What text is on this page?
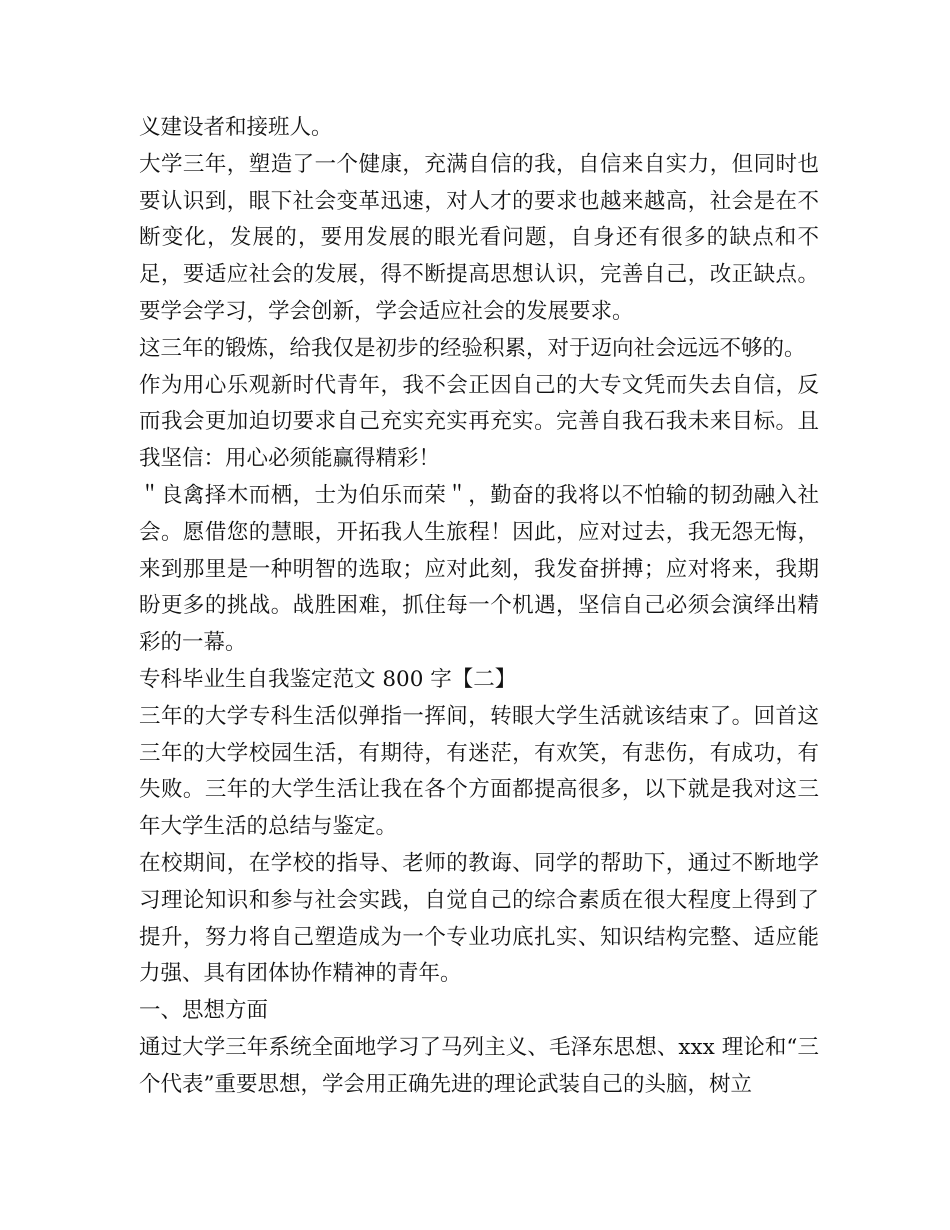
义建设者和接班人。

大学三年，塑造了一个健康，充满自信的我，自信来自实力，但同时也要认识到，眼下社会变革迅速，对人才的要求也越来越高，社会是在不断变化，发展的，要用发展的眼光看问题，自身还有很多的缺点和不足，要适应社会的发展，得不断提高思想认识，完善自己，改正缺点。要学会学习，学会创新，学会适应社会的发展要求。

这三年的锻炼，给我仅是初步的经验积累，对于迈向社会远远不够的。

作为用心乐观新时代青年，我不会正因自己的大专文凭而失去自信，反而我会更加迫切要求自己充实充实再充实。完善自我石我未来目标。且我坚信：用心必须能赢得精彩！

＂良禽择木而栖，士为伯乐而荣＂，勤奋的我将以不怕输的韧劲融入社会。愿借您的慧眼，开拓我人生旅程！因此，应对过去，我无怨无悔，来到那里是一种明智的选取；应对此刻，我发奋拼搏；应对将来，我期盼更多的挑战。战胜困难，抓住每一个机遇，坚信自己必须会演绎出精彩的一幕。

专科毕业生自我鉴定范文 800 字【二】

三年的大学专科生活似弹指一挥间，转眼大学生活就该结束了。回首这三年的大学校园生活，有期待，有迷茫，有欢笑，有悲伤，有成功，有失败。三年的大学生活让我在各个方面都提高很多，以下就是我对这三年大学生活的总结与鉴定。

在校期间，在学校的指导、老师的教诲、同学的帮助下，通过不断地学习理论知识和参与社会实践，自觉自己的综合素质在很大程度上得到了提升，努力将自己塑造成为一个专业功底扎实、知识结构完整、适应能力强、具有团体协作精神的青年。

一、思想方面

通过大学三年系统全面地学习了马列主义、毛泽东思想、xxx 理论和“三个代表”重要思想，学会用正确先进的理论武装自己的头脑，树立
